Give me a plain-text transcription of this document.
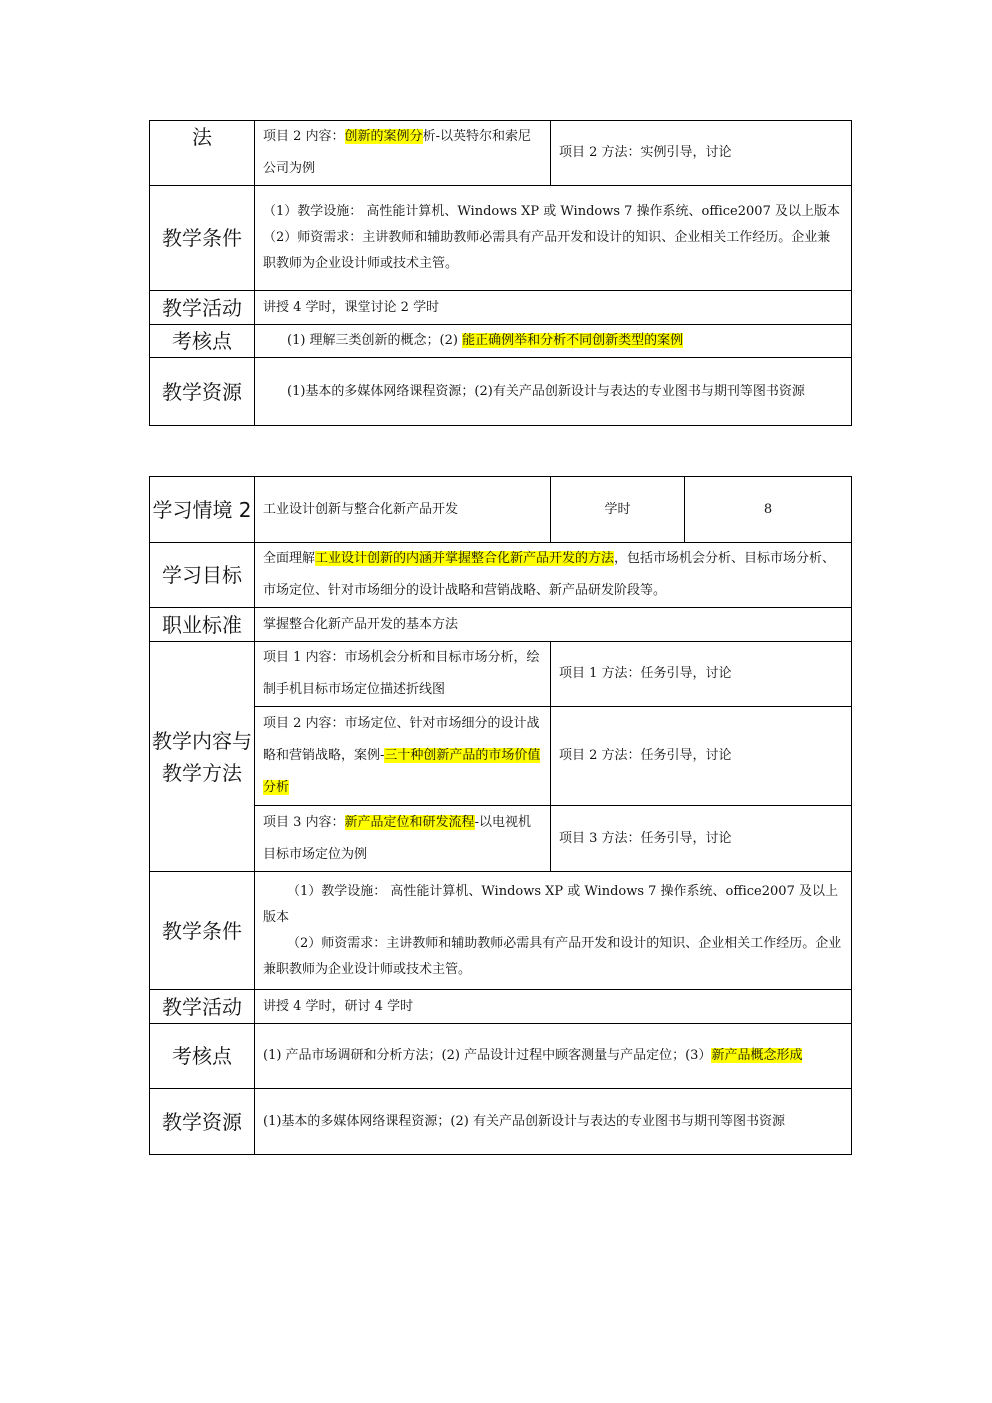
法	项目 2 内容：创新的案例分析-以英特尔和索尼公司为例	项目 2 方法：实例引导，讨论
教学条件	（1）教学设施： 高性能计算机、Windows XP 或 Windows 7 操作系统、office2007 及以上版本

（2）师资需求：主讲教师和辅助教师必需具有产品开发和设计的知识、企业相关工作经历。企业兼职教师为企业设计师或技术主管。	

教学活动	讲授 4 学时，课堂讨论 2 学时	
考核点	(1) 理解三类创新的概念；(2) 能正确例举和分析不同创新类型的案例	
教学资源	(1)基本的多媒体网络课程资源；(2)有关产品创新设计与表达的专业图书与期刊等图书资源	
学习情境 2	工业设计创新与整合化新产品开发	学时	8
学习目标	全面理解工业设计创新的内涵并掌握整合化新产品开发的方法，包括市场机会分析、目标市场分析、市场定位、针对市场细分的设计战略和营销战略、新产品研发阶段等。		
职业标准	掌握整合化新产品开发的基本方法		
教学内容与教学方法	项目 1 内容：市场机会分析和目标市场分析，绘制手机目标市场定位描述折线图	项目 1 方法：任务引导，讨论	
	项目 2 内容：市场定位、针对市场细分的设计战略和营销战略，案例-三十种创新产品的市场价值分析	项目 2 方法：任务引导，讨论	
	项目 3 内容：新产品定位和研发流程-以电视机目标市场定位为例	项目 3 方法：任务引导，讨论	
教学条件	（1）教学设施： 高性能计算机、Windows XP 或 Windows 7 操作系统、office2007 及以上版本

（2）师资需求：主讲教师和辅助教师必需具有产品开发和设计的知识、企业相关工作经历。企业兼职教师为企业设计师或技术主管。		

教学活动	讲授 4 学时，研讨 4 学时		
考核点	(1) 产品市场调研和分析方法；(2) 产品设计过程中顾客测量与产品定位；(3）新产品概念形成		
教学资源	(1)基本的多媒体网络课程资源；(2) 有关产品创新设计与表达的专业图书与期刊等图书资源		
